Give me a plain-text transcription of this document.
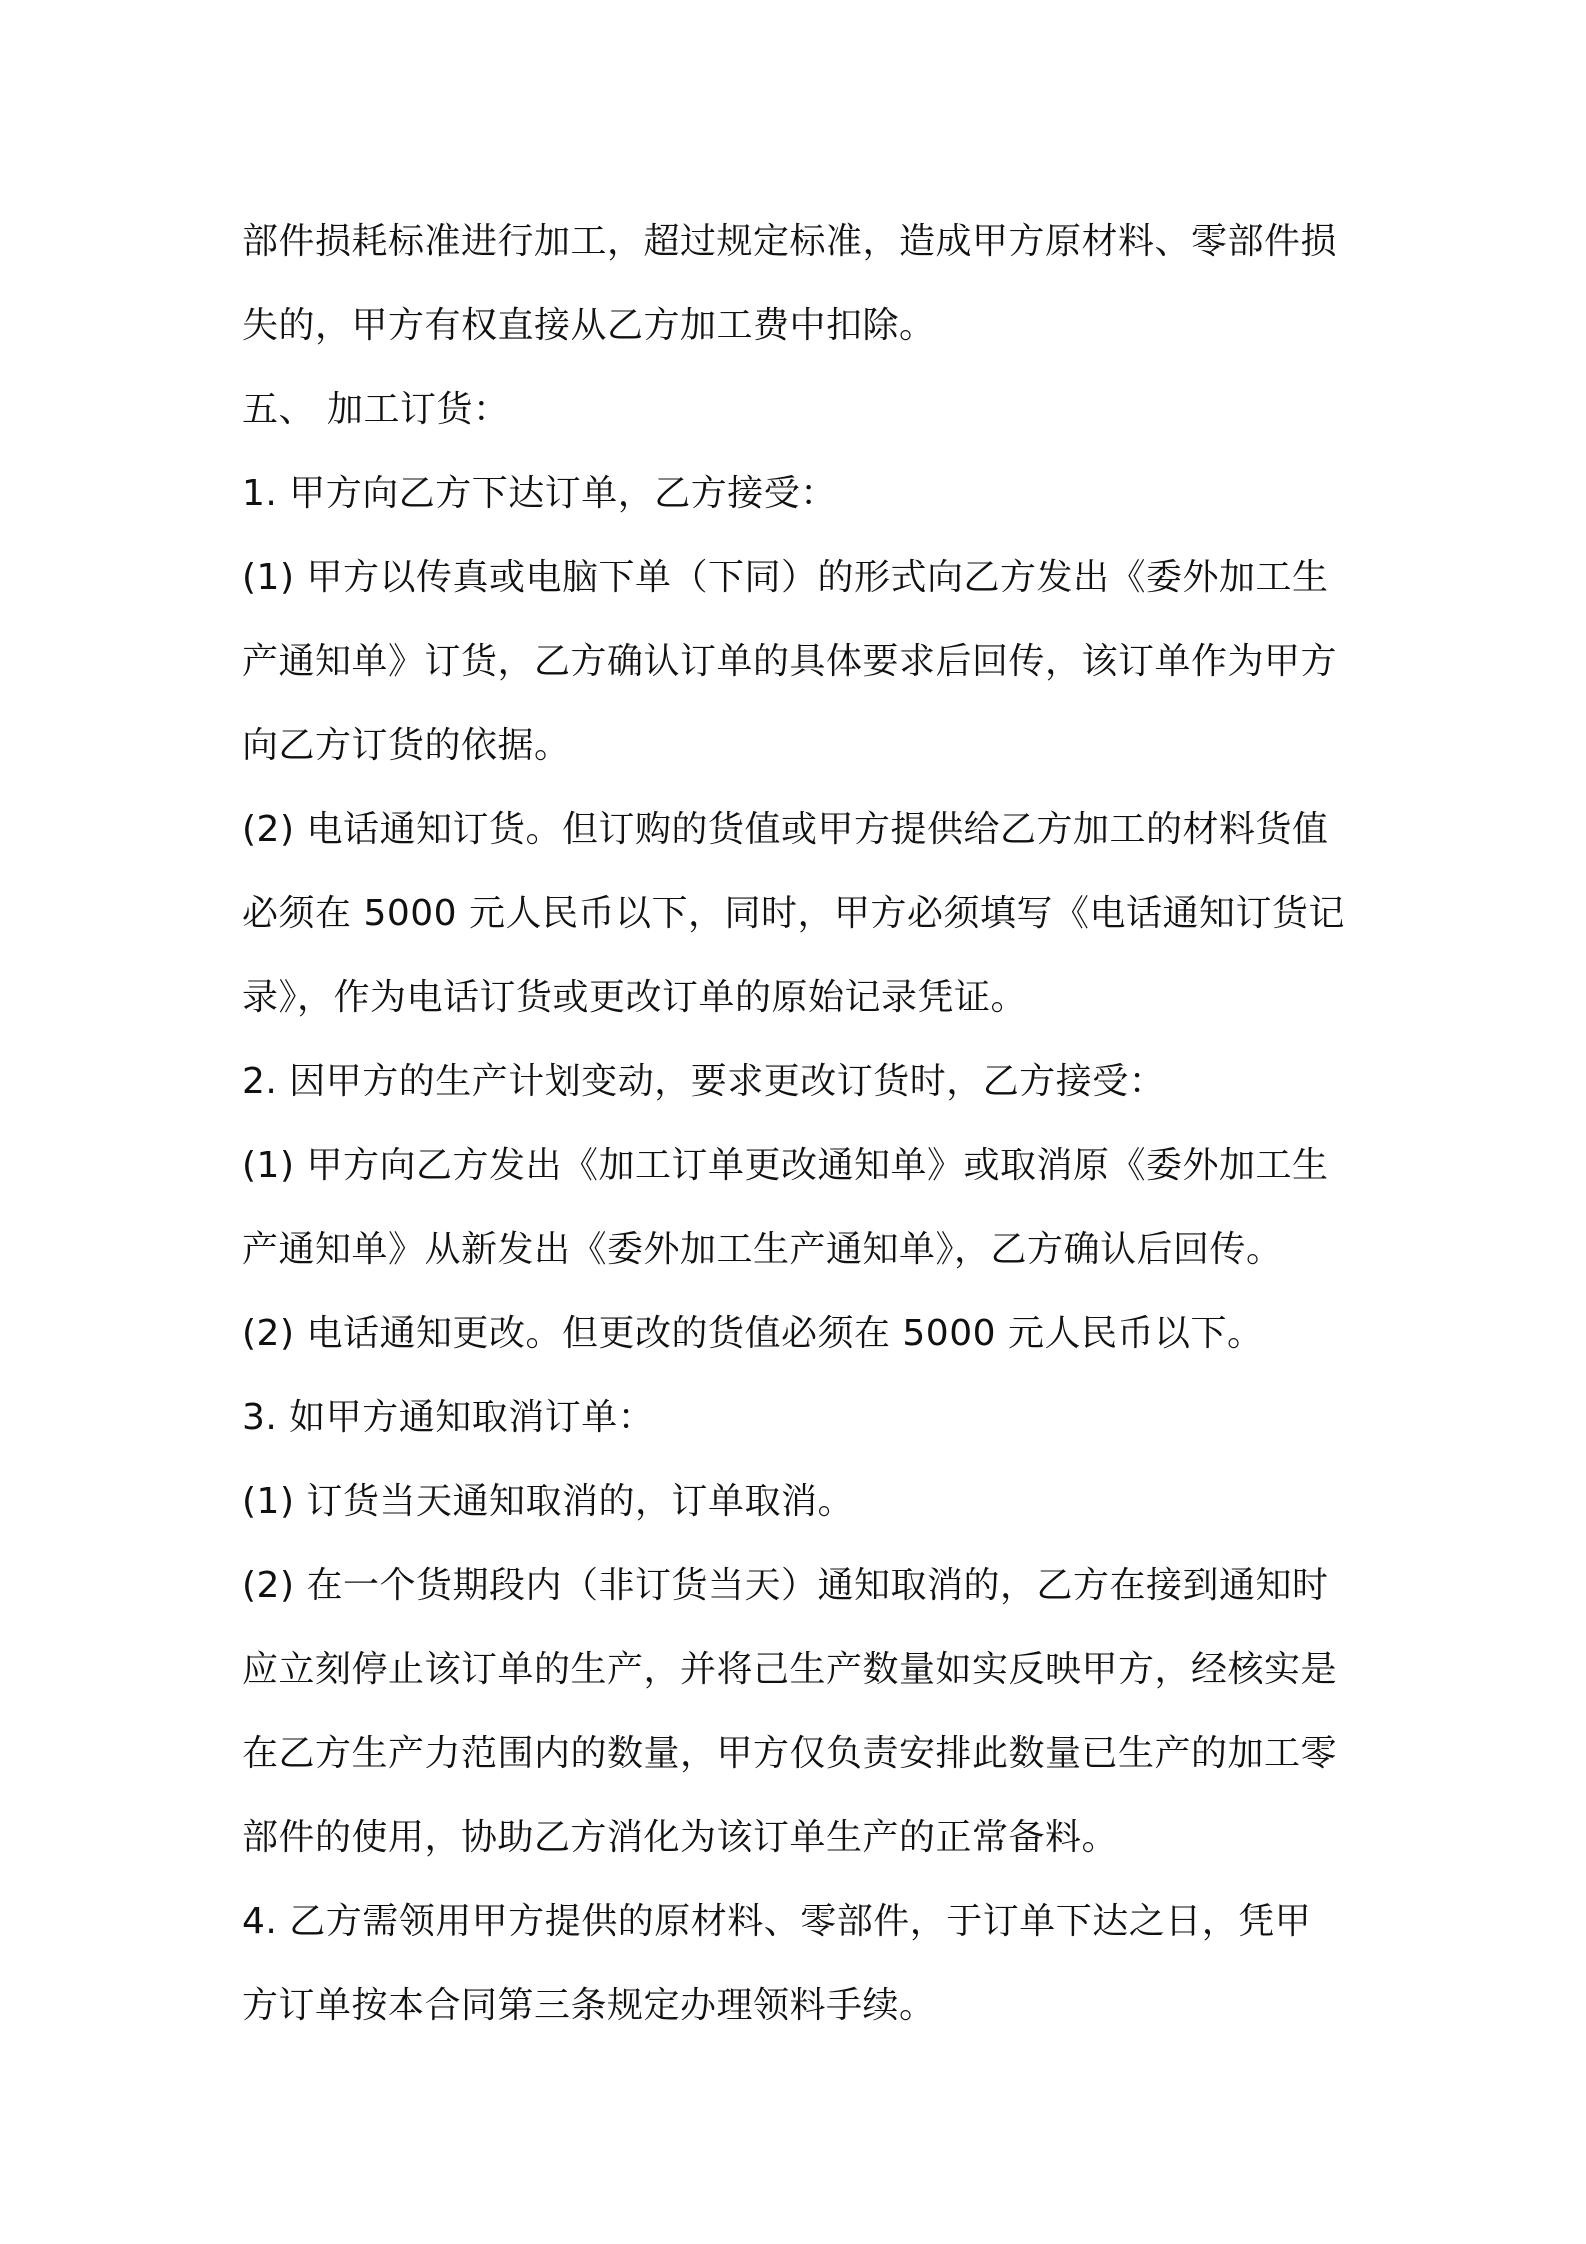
部件损耗标准进行加工，超过规定标准，造成甲方原材料、零部件损
失的，甲方有权直接从乙方加工费中扣除。
五、 加工订货：
1. 甲方向乙方下达订单，乙方接受：
(1) 甲方以传真或电脑下单（下同）的形式向乙方发出《委外加工生
产通知单》订货，乙方确认订单的具体要求后回传，该订单作为甲方
向乙方订货的依据。
(2) 电话通知订货。但订购的货值或甲方提供给乙方加工的材料货值
必须在 5000 元人民币以下，同时，甲方必须填写《电话通知订货记
录》，作为电话订货或更改订单的原始记录凭证。
2. 因甲方的生产计划变动，要求更改订货时，乙方接受：
(1) 甲方向乙方发出《加工订单更改通知单》或取消原《委外加工生
产通知单》从新发出《委外加工生产通知单》，乙方确认后回传。
(2) 电话通知更改。但更改的货值必须在 5000 元人民币以下。
3. 如甲方通知取消订单：
(1) 订货当天通知取消的，订单取消。
(2) 在一个货期段内（非订货当天）通知取消的，乙方在接到通知时
应立刻停止该订单的生产，并将己生产数量如实反映甲方，经核实是
在乙方生产力范围内的数量，甲方仅负责安排此数量已生产的加工零
部件的使用，协助乙方消化为该订单生产的正常备料。
4. 乙方需领用甲方提供的原材料、零部件，于订单下达之日，凭甲
方订单按本合同第三条规定办理领料手续。
